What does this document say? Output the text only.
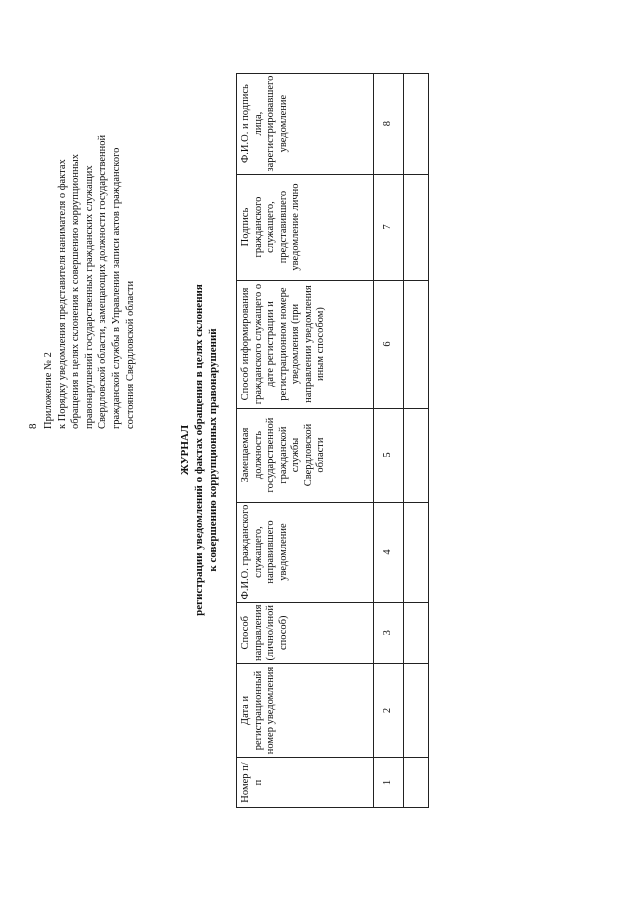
8 Приложение № 2 к Порядку уведомления представителя нанимателя о фактах обращения в целях склонения к совершению коррупционных правонарушений государственных гражданских служащих Свердловской области, замещающих должности государственной гражданской службы в Управлении записи актов гражданского состояния Свердловской области
ЖУРНАЛ регистрации уведомлений о фактах обращения в целях склонения к совершению коррупционных правонарушений
Номер п/п	Дата и регистрационный номер уведомления	Способ направления (лично/иной способ)	Ф.И.О. гражданского служащего, направившего уведомление	Замещаемая должность государственной гражданской службы Свердловской области	Способ информирования гражданского служащего о дате регистрации и регистрационном номере уведомления (при направлении уведомления иным способом)	Подпись гражданского служащего, представившего уведомление лично	Ф.И.О. и подпись лица, зарегистрировавшего уведомление
1	2	3	4	5	6	7	8
